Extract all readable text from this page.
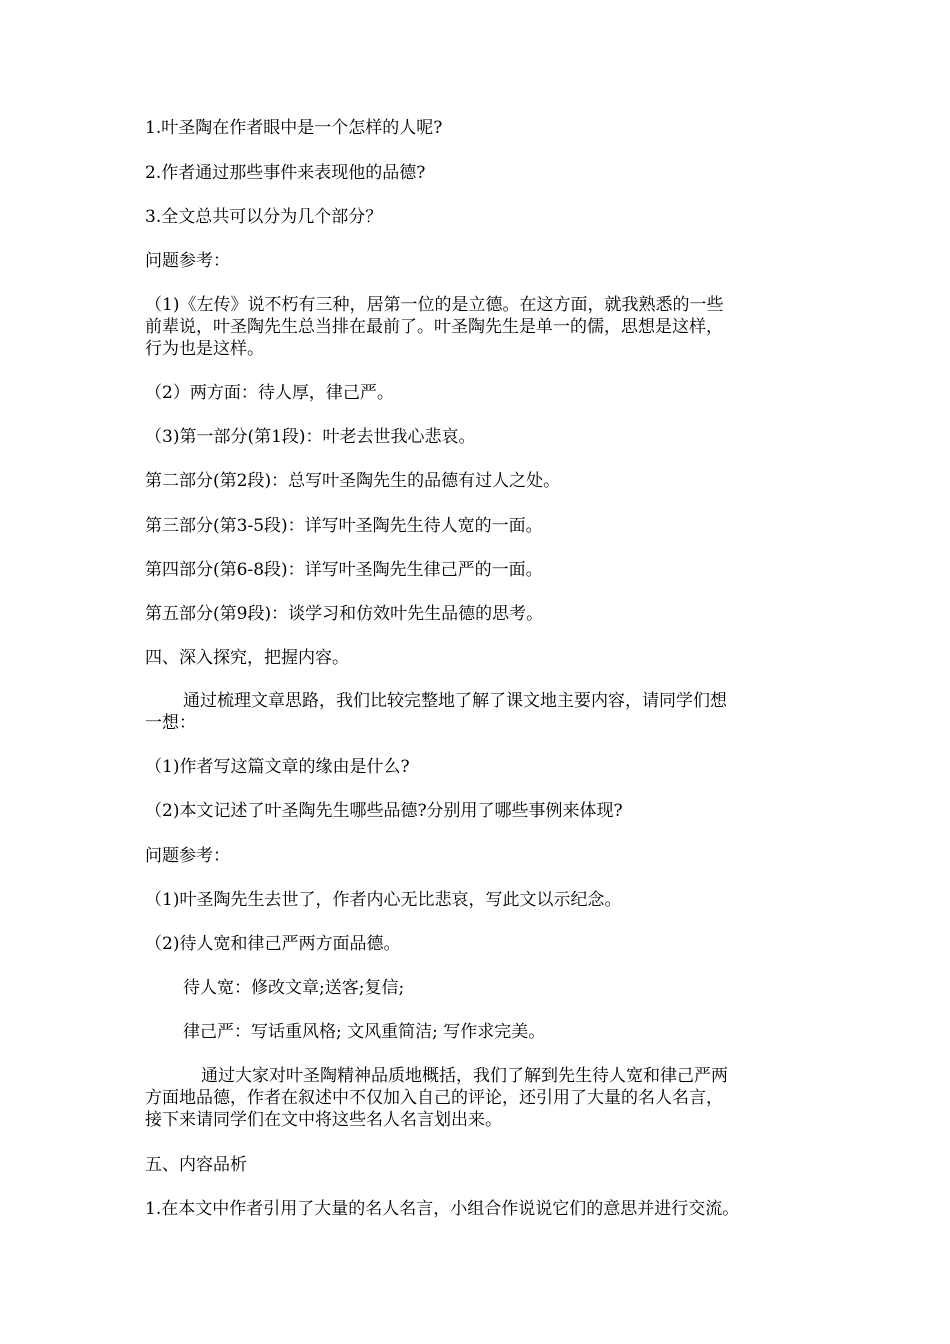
1.叶圣陶在作者眼中是一个怎样的人呢?

2.作者通过那些事件来表现他的品德?

3.全文总共可以分为几个部分？

问题参考：

（1)《左传》说不朽有三种，居第一位的是立德。在这方面，就我熟悉的一些
前辈说，叶圣陶先生总当排在最前了。叶圣陶先生是单一的儒，思想是这样，
行为也是这样。

（2）两方面：待人厚，律己严。

（3)第一部分(第1段)：叶老去世我心悲哀。

第二部分(第2段)：总写叶圣陶先生的品德有过人之处。

第三部分(第3-5段)：详写叶圣陶先生待人宽的一面。

第四部分(第6-8段)：详写叶圣陶先生律己严的一面。

第五部分(第9段)：谈学习和仿效叶先生品德的思考。

四、深入探究，把握内容。

通过梳理文章思路，我们比较完整地了解了课文地主要内容，请同学们想
一想：

（1)作者写这篇文章的缘由是什么?

（2)本文记述了叶圣陶先生哪些品德?分别用了哪些事例来体现?

问题参考：

（1)叶圣陶先生去世了，作者内心无比悲哀，写此文以示纪念。

（2)待人宽和律己严两方面品德。

待人宽：修改文章;送客;复信;

律己严：写话重风格; 文风重简洁; 写作求完美。

通过大家对叶圣陶精神品质地概括，我们了解到先生待人宽和律己严两
方面地品德，作者在叙述中不仅加入自己的评论，还引用了大量的名人名言，
接下来请同学们在文中将这些名人名言划出来。

五、内容品析

1.在本文中作者引用了大量的名人名言，小组合作说说它们的意思并进行交流。
